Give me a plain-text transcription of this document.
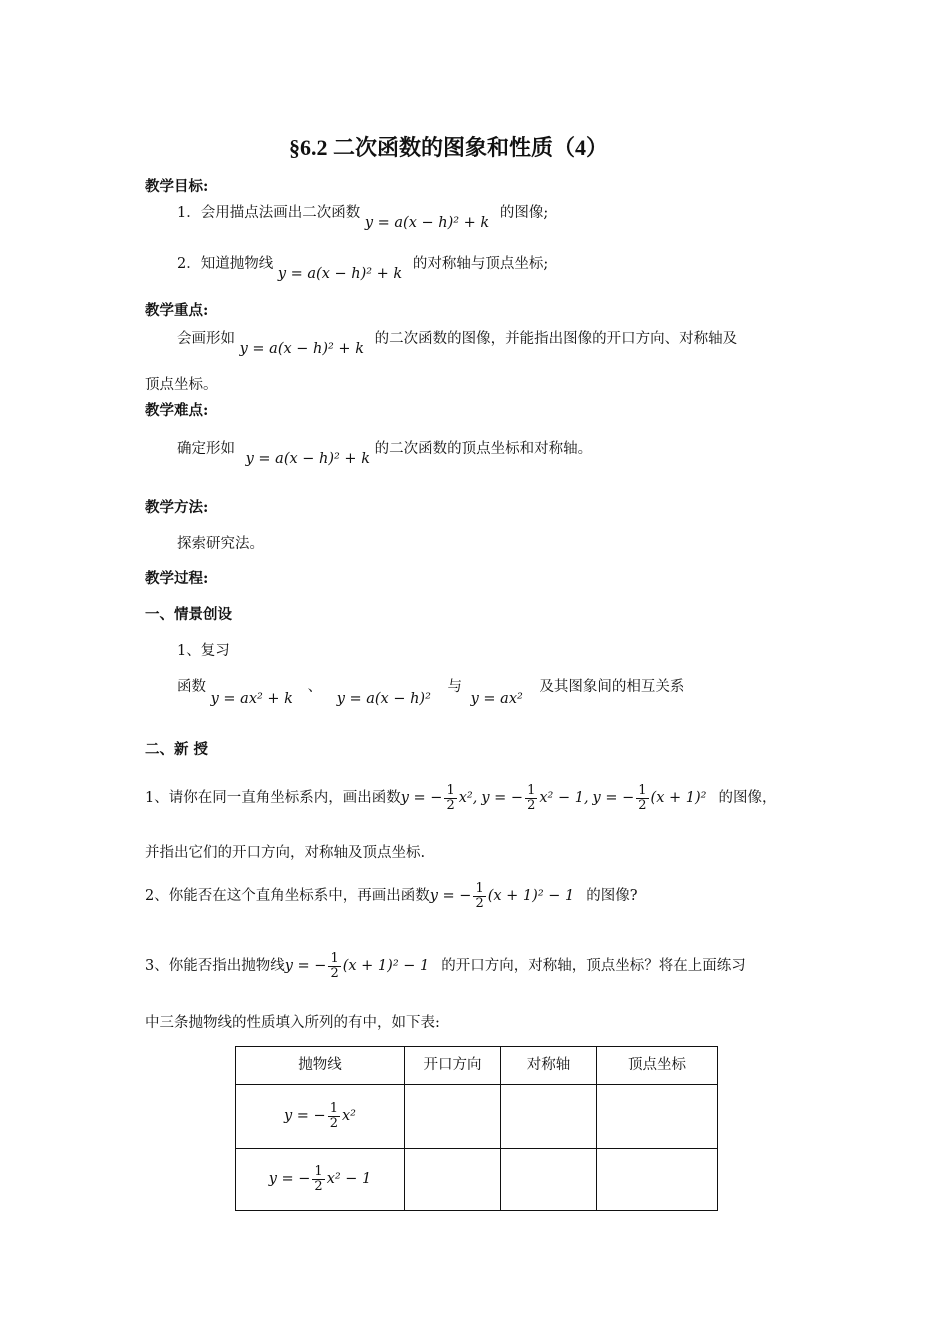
§6.2 二次函数的图象和性质（4）
教学目标:
1．会用描点法画出二次函数 y = a(x − h)² + k 的图像;
2．知道抛物线 y = a(x − h)² + k 的对称轴与顶点坐标;
教学重点:
会画形如 y = a(x − h)² + k 的二次函数的图像，并能指出图像的开口方向、对称轴及
顶点坐标。
教学难点:
确定形如 y = a(x − h)² + k 的二次函数的顶点坐标和对称轴。
教学方法:
探索研究法。
教学过程:
一、情景创设
1、复习
函数 y = ax² + k 、 y = a(x − h)² 与 y = ax² 及其图象间的相互关系
二、新 授
1、请你在同一直角坐标系内，画出函数y = − $\frac{1}{2} x^2$, y = − $\frac{1}{2} x^2 - 1$, y = − $\frac{1}{2} (x + 1)^2$ 的图像，
并指出它们的开口方向，对称轴及顶点坐标.
2、你能否在这个直角坐标系中，再画出函数y = − $\frac{1}{2} (x + 1)^2 - 1$ 的图像?
3、你能否指出抛物线y = − $\frac{1}{2} (x + 1)^2 - 1$ 的开口方向，对称轴，顶点坐标？将在上面练习
中三条抛物线的性质填入所列的有中，如下表:
抛物线	开口方向	对称轴	顶点坐标
y = − $\frac{1}{2} x^2$			
y = − $\frac{1}{2} x^2 - 1$			
